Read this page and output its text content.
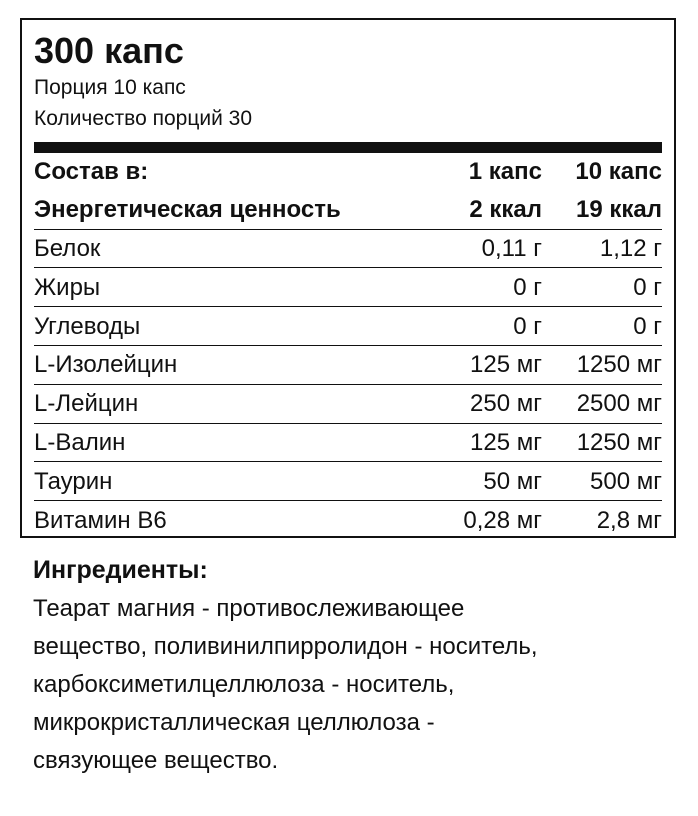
300 капс
Порция 10 капс
Количество порций 30
Состав в:	1 капс	10 капс
Энергетическая ценность	2 ккал	19 ккал
Белок	0,11 г	1,12 г
Жиры	0 г	0 г
Углеводы	0 г	0 г
L-Изолейцин	125 мг	1250 мг
L-Лейцин	250 мг	2500 мг
L-Валин	125 мг	1250 мг
Таурин	50 мг	500 мг
Витамин В6	0,28 мг	2,8 мг
Ингредиенты:
Теарат магния - противослеживающее
вещество, поливинилпирролидон - носитель,
карбоксиметилцеллюлоза - носитель,
микрокристаллическая целлюлоза -
связующее вещество.
